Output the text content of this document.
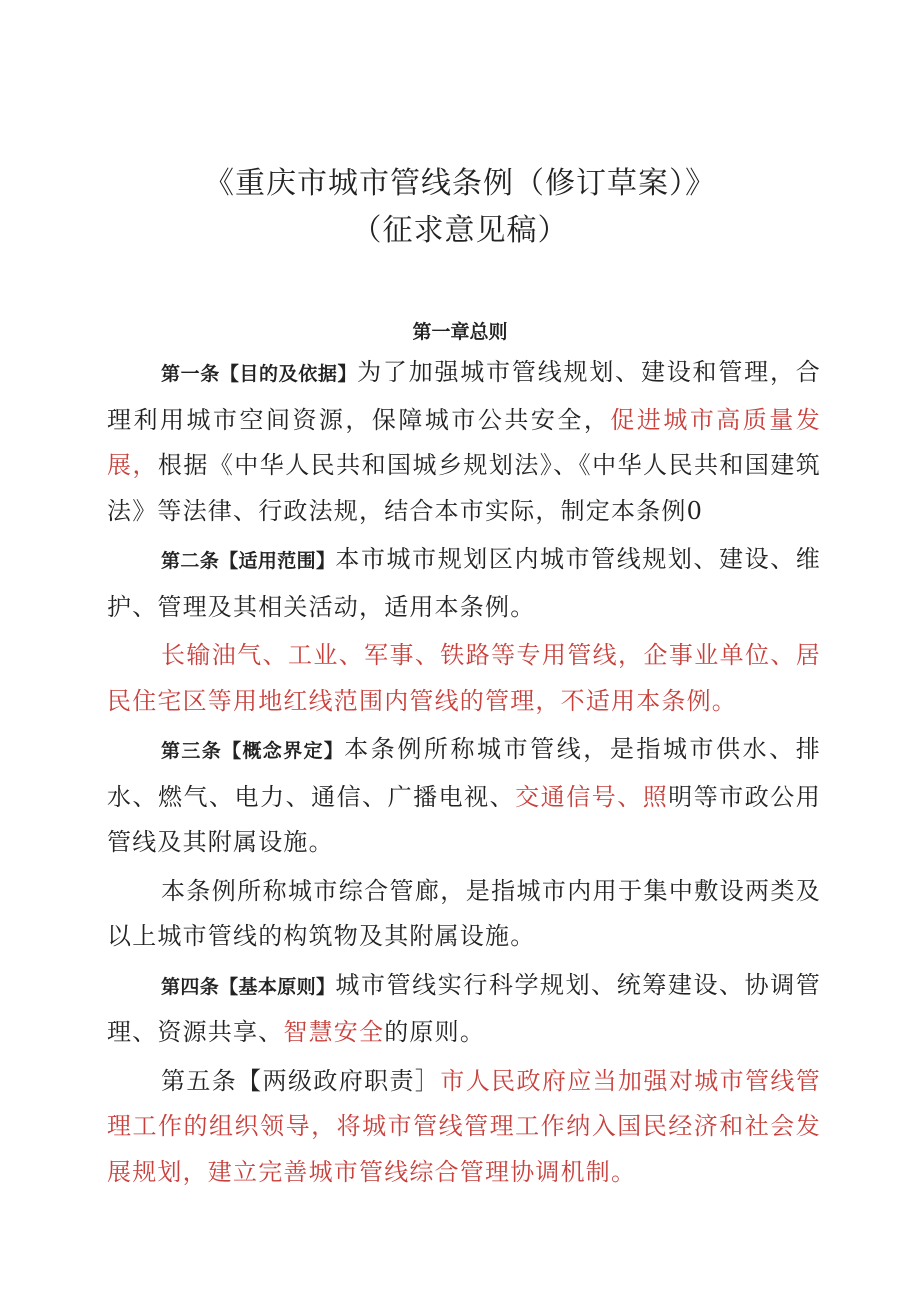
《重庆市城市管线条例（修订草案）》
（征求意见稿）
第一章总则

第一条【目的及依据】为了加强城市管线规划、建设和管理，合理利用城市空间资源，保障城市公共安全，促进城市高质量发展，根据《中华人民共和国城乡规划法》、《中华人民共和国建筑法》等法律、行政法规，结合本市实际，制定本条例0

第二条【适用范围】本市城市规划区内城市管线规划、建设、维护、管理及其相关活动，适用本条例。

长输油气、工业、军事、铁路等专用管线，企事业单位、居民住宅区等用地红线范围内管线的管理，不适用本条例。

第三条【概念界定】本条例所称城市管线，是指城市供水、排水、燃气、电力、通信、广播电视、交通信号、照明等市政公用管线及其附属设施。

本条例所称城市综合管廊，是指城市内用于集中敷设两类及以上城市管线的构筑物及其附属设施。

第四条【基本原则】城市管线实行科学规划、统筹建设、协调管理、资源共享、智慧安全的原则。

第五条【两级政府职责］市人民政府应当加强对城市管线管理工作的组织领导，将城市管线管理工作纳入国民经济和社会发展规划，建立完善城市管线综合管理协调机制。
